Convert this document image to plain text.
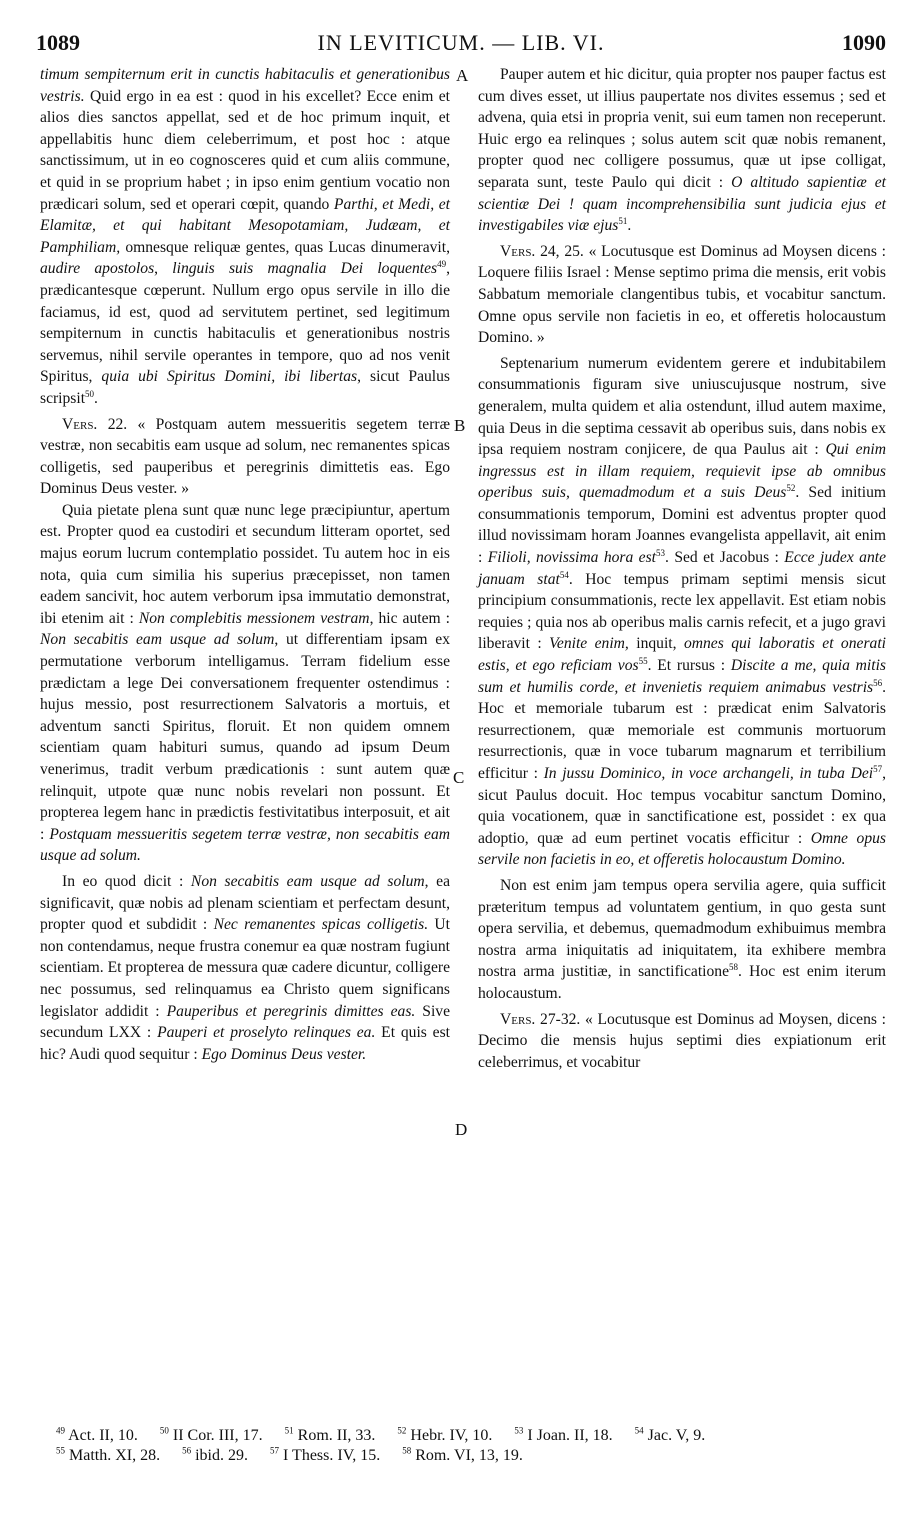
1089	IN LEVITICUM. — LIB. VI.	1090
A
B
C
D

timum sempiternum erit in cunctis habitaculis et generationibus vestris. Quid ergo in ea est : quod in his excellet? Ecce enim et alios dies sanctos appellat, sed et de hoc primum inquit, et appellabitis hunc diem celeberrimum, et post hoc : atque sanctissimum, ut in eo cognosceres quid et cum aliis commune, et quid in se proprium habet ; in ipso enim gentium vocatio non prædicari solum, sed et operari cœpit, quando Parthi, et Medi, et Elamitæ, et qui habitant Mesopotamiam, Judæam, et Pamphiliam, omnesque reliquæ gentes, quas Lucas dinumeravit, audire apostolos, linguis suis magnalia Dei loquentes$^{49}$, prædicantesque cœperunt. Nullum ergo opus servile in illo die faciamus, id est, quod ad servitutem pertinet, sed legitimum sempiternum in cunctis habitaculis et generationibus nostris servemus, nihil servile operantes in tempore, quo ad nos venit Spiritus, quia ubi Spiritus Domini, ibi libertas, sicut Paulus scripsit$^{50}$.

Vers. 22. « Postquam autem messueritis segetem terræ vestræ, non secabitis eam usque ad solum, nec remanentes spicas colligetis, sed pauperibus et peregrinis dimittetis eas. Ego Dominus Deus vester. »

Quia pietate plena sunt quæ nunc lege præcipiuntur, apertum est. Propter quod ea custodiri et secundum litteram oportet, sed majus eorum lucrum contemplatio possidet. Tu autem hoc in eis nota, quia cum similia his superius præcepisset, non tamen eadem sancivit, hoc autem verborum ipsa immutatio demonstrat, ibi etenim ait : Non complebitis messionem vestram, hic autem : Non secabitis eam usque ad solum, ut differentiam ipsam ex permutatione verborum intelligamus. Terram fidelium esse prædictam a lege Dei conversationem frequenter ostendimus : hujus messio, post resurrectionem Salvatoris a mortuis, et adventum sancti Spiritus, floruit. Et non quidem omnem scientiam quam habituri sumus, quando ad ipsum Deum venerimus, tradit verbum prædicationis : sunt autem quæ relinquit, utpote quæ nunc nobis revelari non possunt. Et propterea legem hanc in prædictis festivitatibus interposuit, et ait : Postquam messueritis segetem terræ vestræ, non secabitis eam usque ad solum.

In eo quod dicit : Non secabitis eam usque ad solum, ea significavit, quæ nobis ad plenam scientiam et perfectam desunt, propter quod et subdidit : Nec remanentes spicas colligetis. Ut non contendamus, neque frustra conemur ea quæ nostram fugiunt scientiam. Et propterea de messura quæ cadere dicuntur, colligere nec possumus, sed relinquamus ea Christo quem significans legislator addidit : Pauperibus et peregrinis dimittes eas. Sive secundum LXX : Pauperi et proselyto relinques ea. Et quis est hic? Audi quod sequitur : Ego Dominus Deus vester.

Pauper autem et hic dicitur, quia propter nos pauper factus est cum dives esset, ut illius paupertate nos divites essemus ; sed et advena, quia etsi in propria venit, sui eum tamen non receperunt. Huic ergo ea relinques ; solus autem scit quæ nobis remanent, propter quod nec colligere possumus, quæ ut ipse colligat, separata sunt, teste Paulo qui dicit : O altitudo sapientiæ et scientiæ Dei ! quam incomprehensibilia sunt judicia ejus et investigabiles viæ ejus$^{51}$.

Vers. 24, 25. « Locutusque est Dominus ad Moysen dicens : Loquere filiis Israel : Mense septimo prima die mensis, erit vobis Sabbatum memoriale clangentibus tubis, et vocabitur sanctum. Omne opus servile non facietis in eo, et offeretis holocaustum Domino. »

Septenarium numerum evidentem gerere et indubitabilem consummationis figuram sive uniuscujusque nostrum, sive generalem, multa quidem et alia ostendunt, illud autem maxime, quia Deus in die septima cessavit ab operibus suis, dans nobis ex ipsa requiem nostram conjicere, de qua Paulus ait : Qui enim ingressus est in illam requiem, requievit ipse ab omnibus operibus suis, quemadmodum et a suis Deus$^{52}$. Sed initium consummationis temporum, Domini est adventus propter quod illud novissimam horam Joannes evangelista appellavit, ait enim : Filioli, novissima hora est$^{53}$. Sed et Jacobus : Ecce judex ante januam stat$^{54}$. Hoc tempus primam septimi mensis sicut principium consummationis, recte lex appellavit. Est etiam nobis requies ; quia nos ab operibus malis carnis refecit, et a jugo gravi liberavit : Venite enim, inquit, omnes qui laboratis et onerati estis, et ego reficiam vos$^{55}$. Et rursus : Discite a me, quia mitis sum et humilis corde, et invenietis requiem animabus vestris$^{56}$. Hoc et memoriale tubarum est : prædicat enim Salvatoris resurrectionem, quæ memoriale est communis mortuorum resurrectionis, quæ in voce tubarum magnarum et terribilium efficitur : In jussu Dominico, in voce archangeli, in tuba Dei$^{57}$, sicut Paulus docuit. Hoc tempus vocabitur sanctum Domino, quia vocationem, quæ in sanctificatione est, possidet : ex qua adoptio, quæ ad eum pertinet vocatis efficitur : Omne opus servile non facietis in eo, et offeretis holocaustum Domino.

Non est enim jam tempus opera servilia agere, quia sufficit præteritum tempus ad voluntatem gentium, in quo gesta sunt opera servilia, et debemus, quemadmodum exhibuimus membra nostra arma iniquitatis ad iniquitatem, ita exhibere membra nostra arma justitiæ, in sanctificatione$^{58}$. Hoc est enim iterum holocaustum.

Vers. 27-32. « Locutusque est Dominus ad Moysen, dicens : Decimo die mensis hujus septimi dies expiationum erit celeberrimus, et vocabitur

$^{49}$ Act. II, 10. $^{50}$ II Cor. III, 17. $^{51}$ Rom. II, 33. $^{52}$ Hebr. IV, 10. $^{53}$ I Joan. II, 18. $^{54}$ Jac. V, 9.
$^{55}$ Matth. XI, 28. $^{56}$ ibid. 29. $^{57}$ I Thess. IV, 15. $^{58}$ Rom. VI, 13, 19.
